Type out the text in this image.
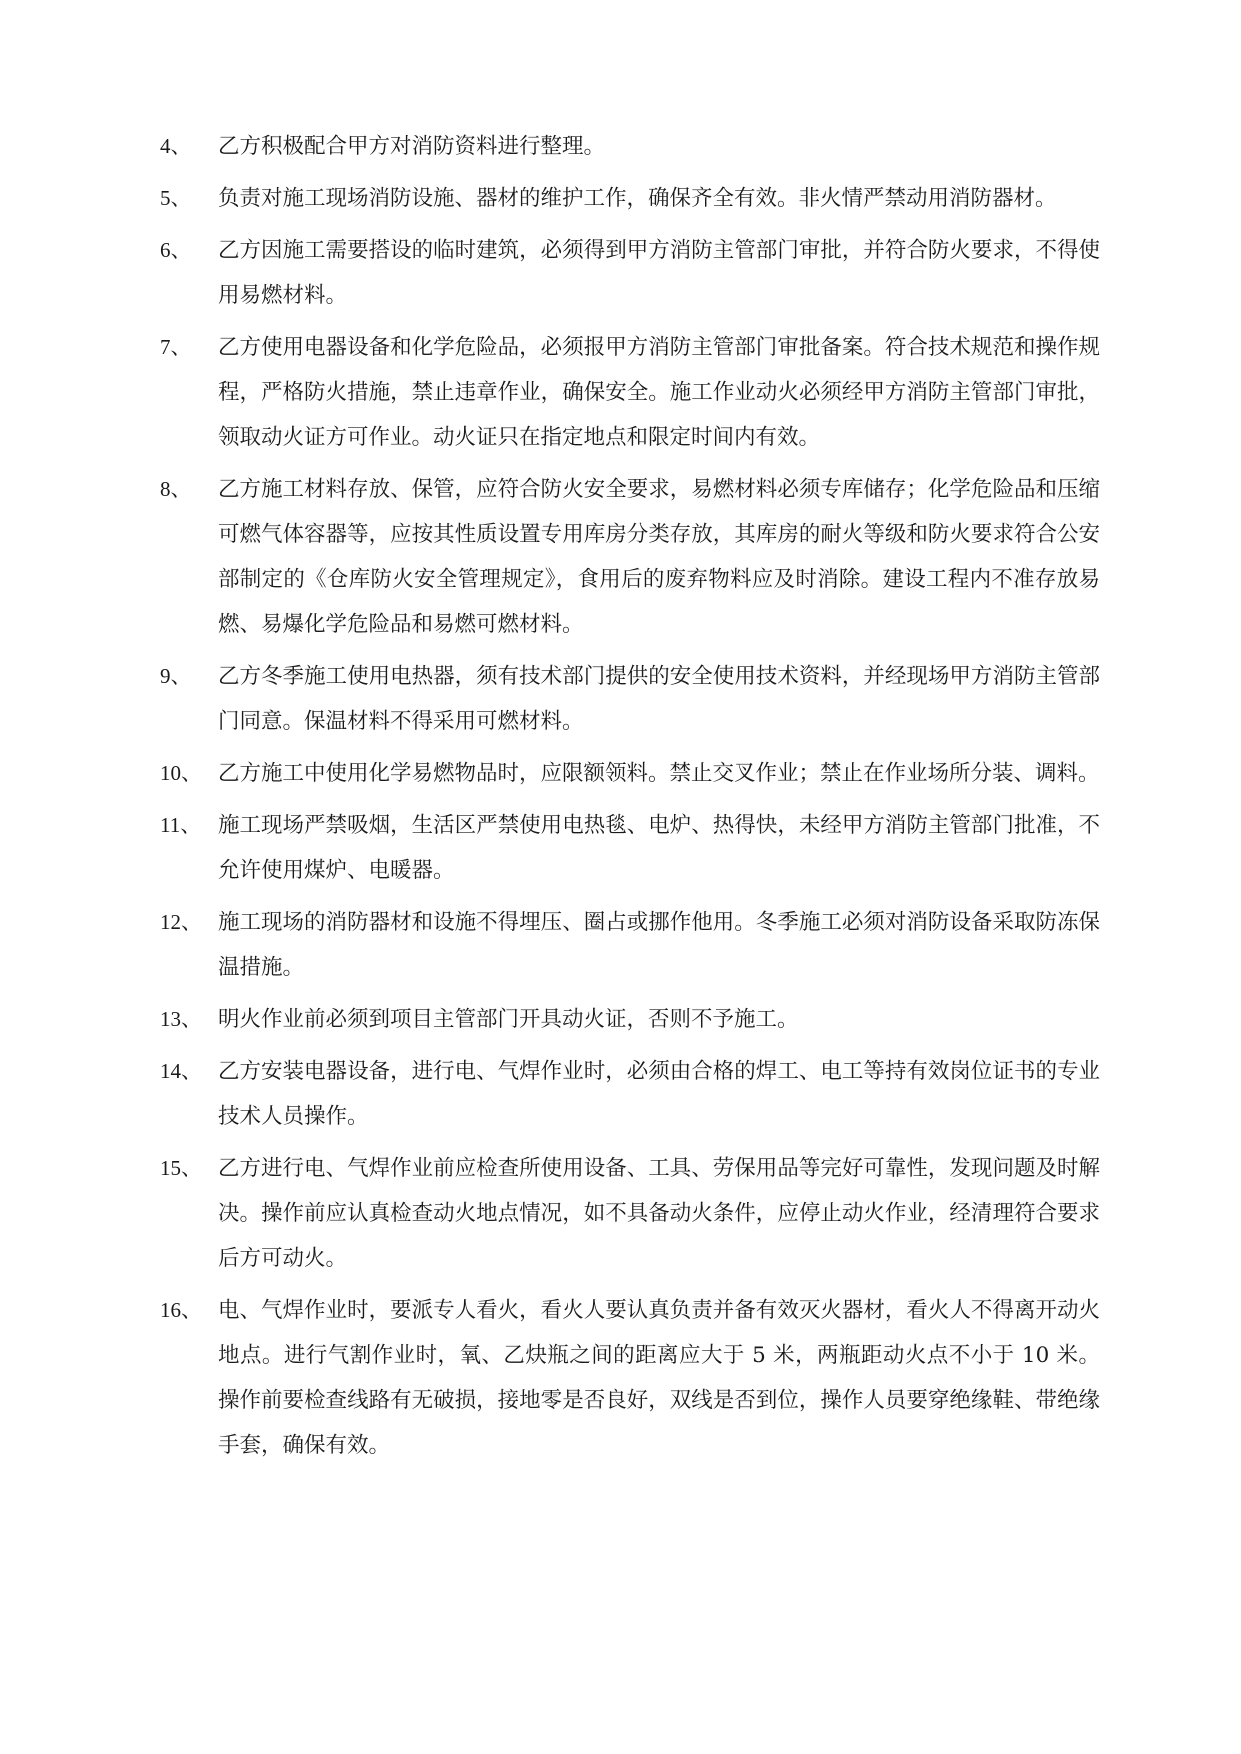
4、	乙方积极配合甲方对消防资料进行整理。
5、	负责对施工现场消防设施、器材的维护工作，确保齐全有效。非火情严禁动用消防器材。
6、	乙方因施工需要搭设的临时建筑，必须得到甲方消防主管部门审批，并符合防火要求，不得使用易燃材料。
7、	乙方使用电器设备和化学危险品，必须报甲方消防主管部门审批备案。符合技术规范和操作规程，严格防火措施，禁止违章作业，确保安全。施工作业动火必须经甲方消防主管部门审批，领取动火证方可作业。动火证只在指定地点和限定时间内有效。
8、	乙方施工材料存放、保管，应符合防火安全要求，易燃材料必须专库储存；化学危险品和压缩可燃气体容器等，应按其性质设置专用库房分类存放，其库房的耐火等级和防火要求符合公安部制定的《仓库防火安全管理规定》，食用后的废弃物料应及时消除。建设工程内不准存放易燃、易爆化学危险品和易燃可燃材料。
9、	乙方冬季施工使用电热器，须有技术部门提供的安全使用技术资料，并经现场甲方消防主管部门同意。保温材料不得采用可燃材料。
10、 乙方施工中使用化学易燃物品时，应限额领料。禁止交叉作业；禁止在作业场所分装、调料。
11、 施工现场严禁吸烟，生活区严禁使用电热毯、电炉、热得快，未经甲方消防主管部门批准，不允许使用煤炉、电暖器。
12、 施工现场的消防器材和设施不得埋压、圈占或挪作他用。冬季施工必须对消防设备采取防冻保温措施。
13、 明火作业前必须到项目主管部门开具动火证，否则不予施工。
14、 乙方安装电器设备，进行电、气焊作业时，必须由合格的焊工、电工等持有效岗位证书的专业技术人员操作。
15、 乙方进行电、气焊作业前应检查所使用设备、工具、劳保用品等完好可靠性，发现问题及时解决。操作前应认真检查动火地点情况，如不具备动火条件，应停止动火作业，经清理符合要求后方可动火。
16、 电、气焊作业时，要派专人看火，看火人要认真负责并备有效灭火器材，看火人不得离开动火地点。进行气割作业时，氧、乙炔瓶之间的距离应大于 5 米，两瓶距动火点不小于 10 米。操作前要检查线路有无破损，接地零是否良好，双线是否到位，操作人员要穿绝缘鞋、带绝缘手套，确保有效。
